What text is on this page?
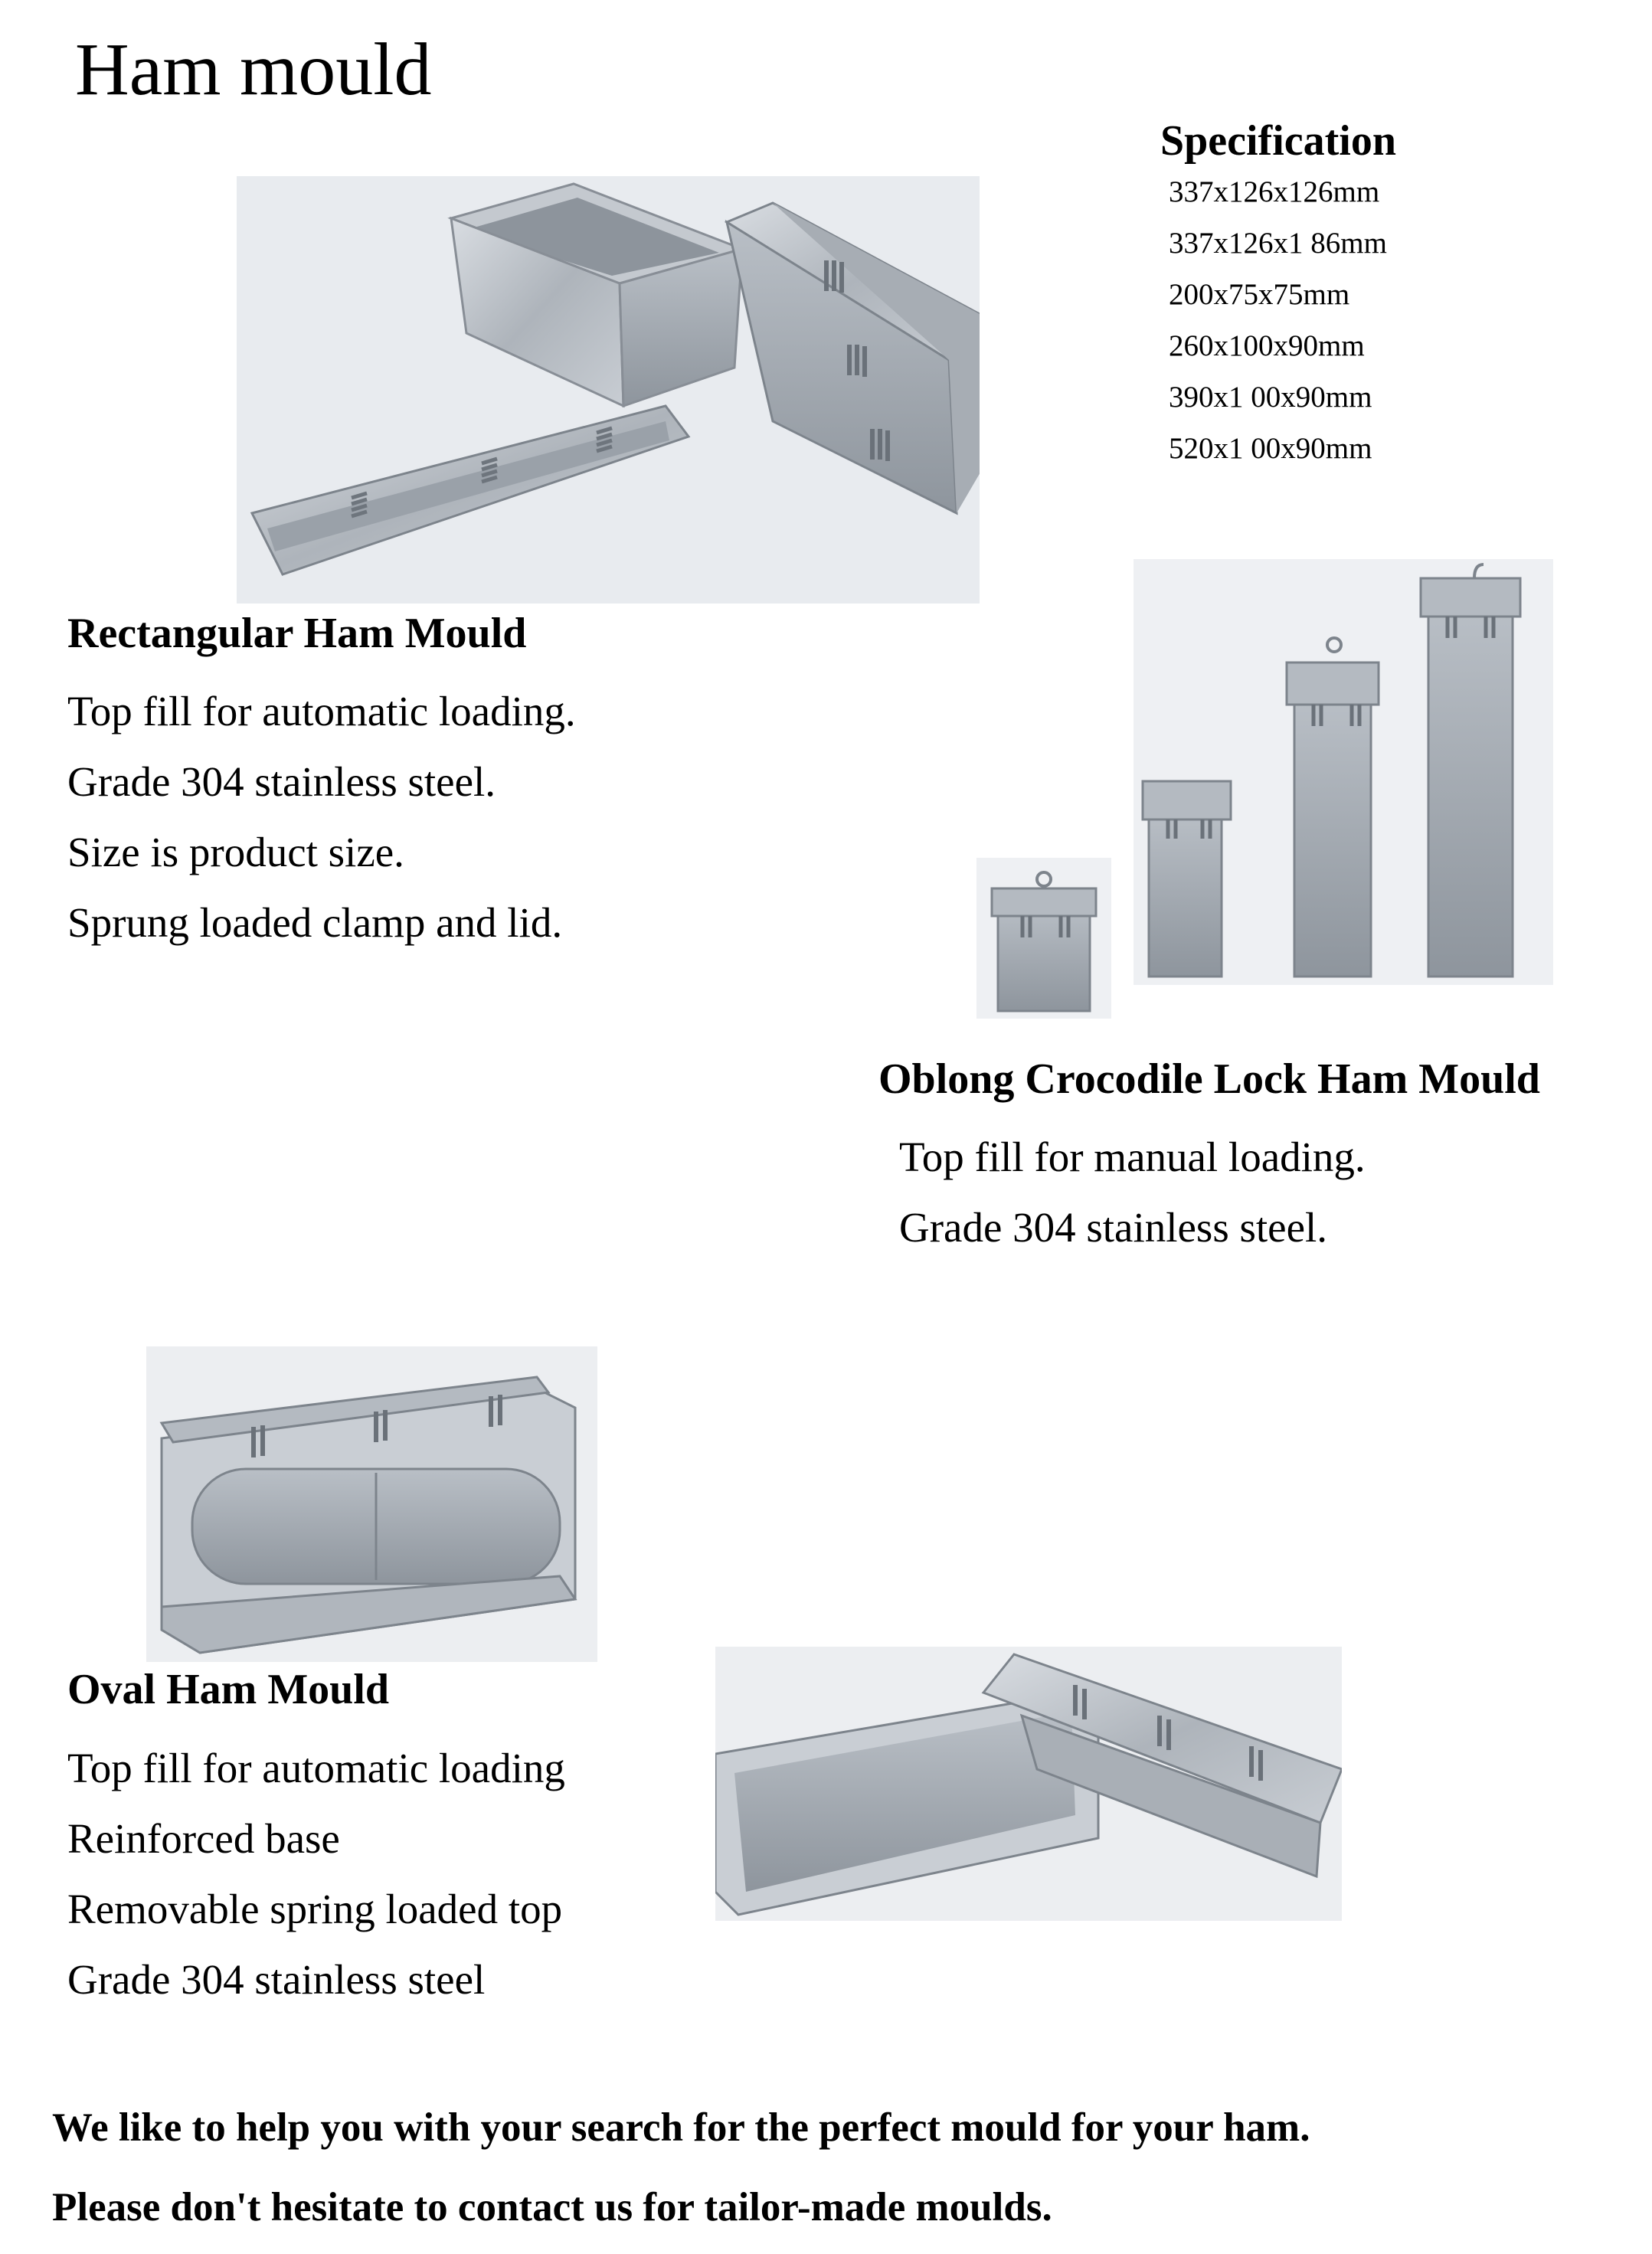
Ham mould
Specification
337x126x126mm
337x126x1 86mm
200x75x75mm
260x100x90mm
390x1 00x90mm
520x1 00x90mm
Rectangular Ham Mould
Top fill for automatic loading.
Grade 304 stainless steel.
Size is product size.
Sprung loaded clamp and lid.
Oblong Crocodile Lock Ham Mould
Top fill for manual loading.
Grade 304 stainless steel.
Oval Ham Mould
Top fill for automatic loading
Reinforced base
Removable spring loaded top
Grade 304 stainless steel
We like to help you with your search for the perfect mould for your ham.
Please don't hesitate to contact us for tailor-made moulds.
